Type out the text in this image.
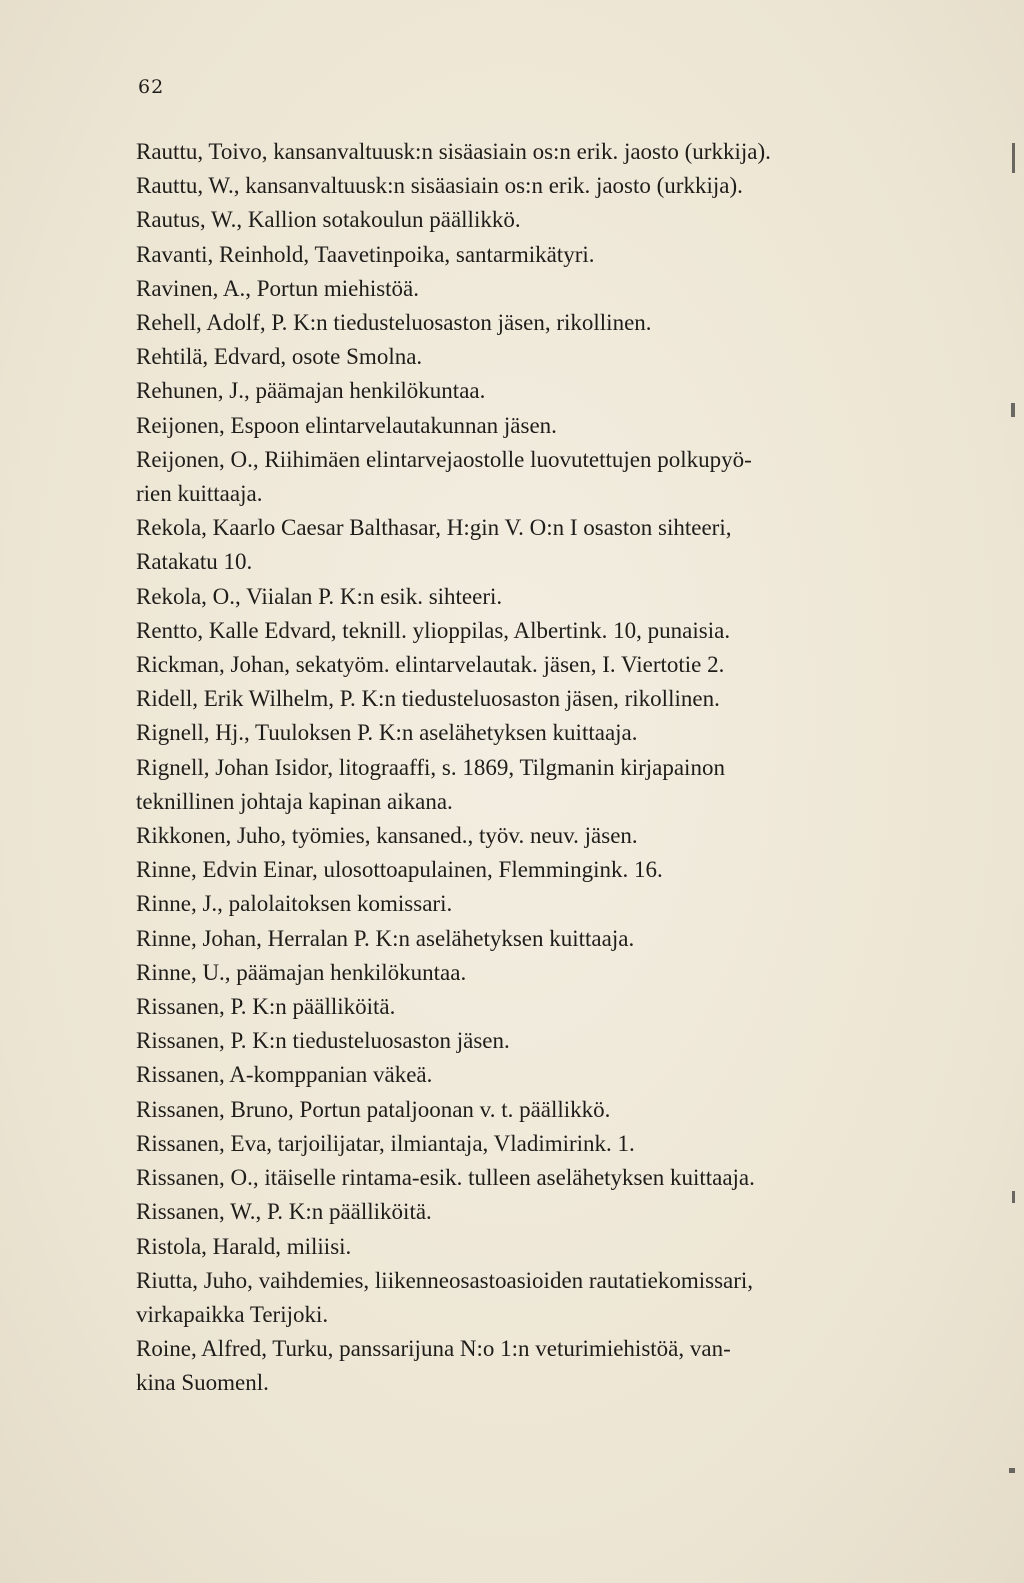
62
Rauttu, Toivo, kansanvaltuusk:n sisäasiain os:n erik. jaosto (urkkija).
Rauttu, W., kansanvaltuusk:n sisäasiain os:n erik. jaosto (urkkija).
Rautus, W., Kallion sotakoulun päällikkö.
Ravanti, Reinhold, Taavetinpoika, santarmikätyri.
Ravinen, A., Portun miehistöä.
Rehell, Adolf, P. K:n tiedusteluosaston jäsen, rikollinen.
Rehtilä, Edvard, osote Smolna.
Rehunen, J., päämajan henkilökuntaa.
Reijonen, Espoon elintarvelautakunnan jäsen.
Reijonen, O., Riihimäen elintarvejaostolle luovutettujen polkupyö-
rien kuittaaja.
Rekola, Kaarlo Caesar Balthasar, H:gin V. O:n I osaston sihteeri,
Ratakatu 10.
Rekola, O., Viialan P. K:n esik. sihteeri.
Rentto, Kalle Edvard, teknill. ylioppilas, Albertink. 10, punaisia.
Rickman, Johan, sekatyöm. elintarvelautak. jäsen, I. Viertotie 2.
Ridell, Erik Wilhelm, P. K:n tiedusteluosaston jäsen, rikollinen.
Rignell, Hj., Tuuloksen P. K:n aselähetyksen kuittaaja.
Rignell, Johan Isidor, litograaffi, s. 1869, Tilgmanin kirjapainon
teknillinen johtaja kapinan aikana.
Rikkonen, Juho, työmies, kansaned., työv. neuv. jäsen.
Rinne, Edvin Einar, ulosottoapulainen, Flemmingink. 16.
Rinne, J., palolaitoksen komissari.
Rinne, Johan, Herralan P. K:n aselähetyksen kuittaaja.
Rinne, U., päämajan henkilökuntaa.
Rissanen, P. K:n päälliköitä.
Rissanen, P. K:n tiedusteluosaston jäsen.
Rissanen, A-komppanian väkeä.
Rissanen, Bruno, Portun pataljoonan v. t. päällikkö.
Rissanen, Eva, tarjoilijatar, ilmiantaja, Vladimirink. 1.
Rissanen, O., itäiselle rintama-esik. tulleen aselähetyksen kuittaaja.
Rissanen, W., P. K:n päälliköitä.
Ristola, Harald, miliisi.
Riutta, Juho, vaihdemies, liikenneosastoasioiden rautatiekomissari,
virkapaikka Terijoki.
Roine, Alfred, Turku, panssarijuna N:o 1:n veturimiehistöä, van-
kina Suomenl.
